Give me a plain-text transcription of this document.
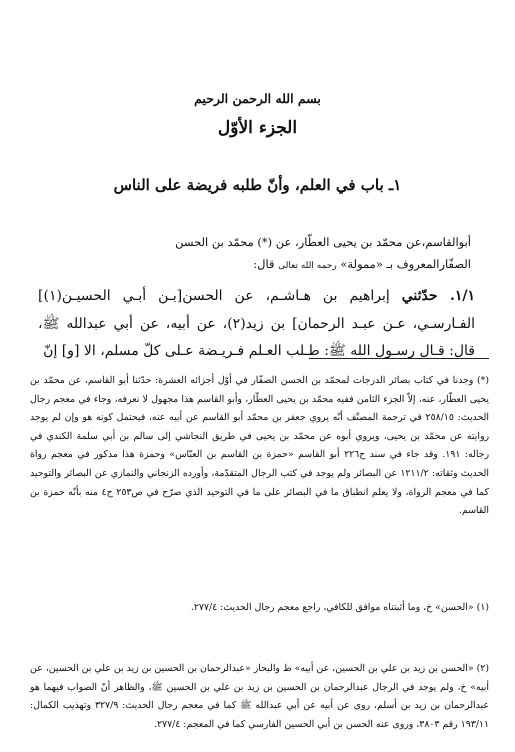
بسم الله الرحمن الرحيم
الجزء الأوّل
١ـ باب في العلم، وأنّ طلبه فريضة على الناس
أبوالقاسم،عن محمّد بن يحيى العطّار، عن (*) محمّد بن الحسن
الصفّارالمعروف بـ «ممولة» رحمه الله تعالى قال:
١/١. حدّثني إبراهيم بن هـاشـم، عن الحسن[بـن أبـي الحسيـن(١)] الفـارسـي، عـن عبـد الرحمان] بن زيد(٢)، عن أبيه، عن أبي عبدالله ﷺ، قال: قـال رسـول الله ﷺ: طـلب العـلم فـريـضة عـلى كلّ مسلم، الا [و] إنّ
(*) وجدنا في كتاب بصائر الدرجات لمحمّد بن الحسن الصفّار في أوّل أجزائه العشرة: حدّثنا أبو القاسم، عن محمّد بن يحيى العطّار، عنه، إلاّ الجزء الثامن ففيه محمّد بن يحيى العطّار، وأبو القاسم هذا مجهول لا نعرفه، وجاء في معجم رجال الحديث: ٢٥٨/١٥ في ترجمة المصنّف أنّه يروي جعفر بن محمّد أبو القاسم عن أبيه عنه، فيحتمل كونه هو وإن لم يوجد روايته عن محمّد بن يحيى، ويروي أبوه عن محمّد بن يحيى في طريق النجاشي إلى سالم بن أبي سلمة الكندي في رجاله: ١٩١. وقد جاء في سند ح٢٢٦ أبو القاسم «حمزة بن القاسم بن العبّاس» وحمزة هذا مذكور في معجم رواة الحديث وثقاته: ١٢١١/٢ عن البصائر ولم يوجد في كتب الرجال المتقدّمة، وأورده الزنجاني والنمازي عن البصائر والتوحيد كما في معجم الرواة، ولا يعلم انطباق ما في البصائر على ما في التوحيد الذي صرّح في ص٢٥٣ ح٤ منه بأنّه حمزة بن القاسم.
(١) «الحسن» خ، وما أثبتناه موافق للكافي، راجع معجم رجال الحديث: ٢٧٧/٤.
(٢) «الحسن بن زيد بن علي بن الحسين، عن أبيه» ط والبحار «عبدالرحمان بن الحسين بن زيد بن علي بن الحسين، عن أبيه» خ، ولم يوجد في الرجال عبدالرحمان بن الحسين بن زيد بن علي بن الحسين ﷺ، والظاهر أنّ الصواب فيهما هو عبدالرحمان بن زيد بن أسلم، روى عن أبيه عن أبي عبدالله ﷺ كما في معجم رجال الحديث: ٣٢٧/٩ وتهذيب الكمال: ١٩٣/١١ رقم ٣٨٠٣، وروى عنه الحسن بن أبي الحسين الفارسي كما في المعجم: ٢٧٧/٤.
